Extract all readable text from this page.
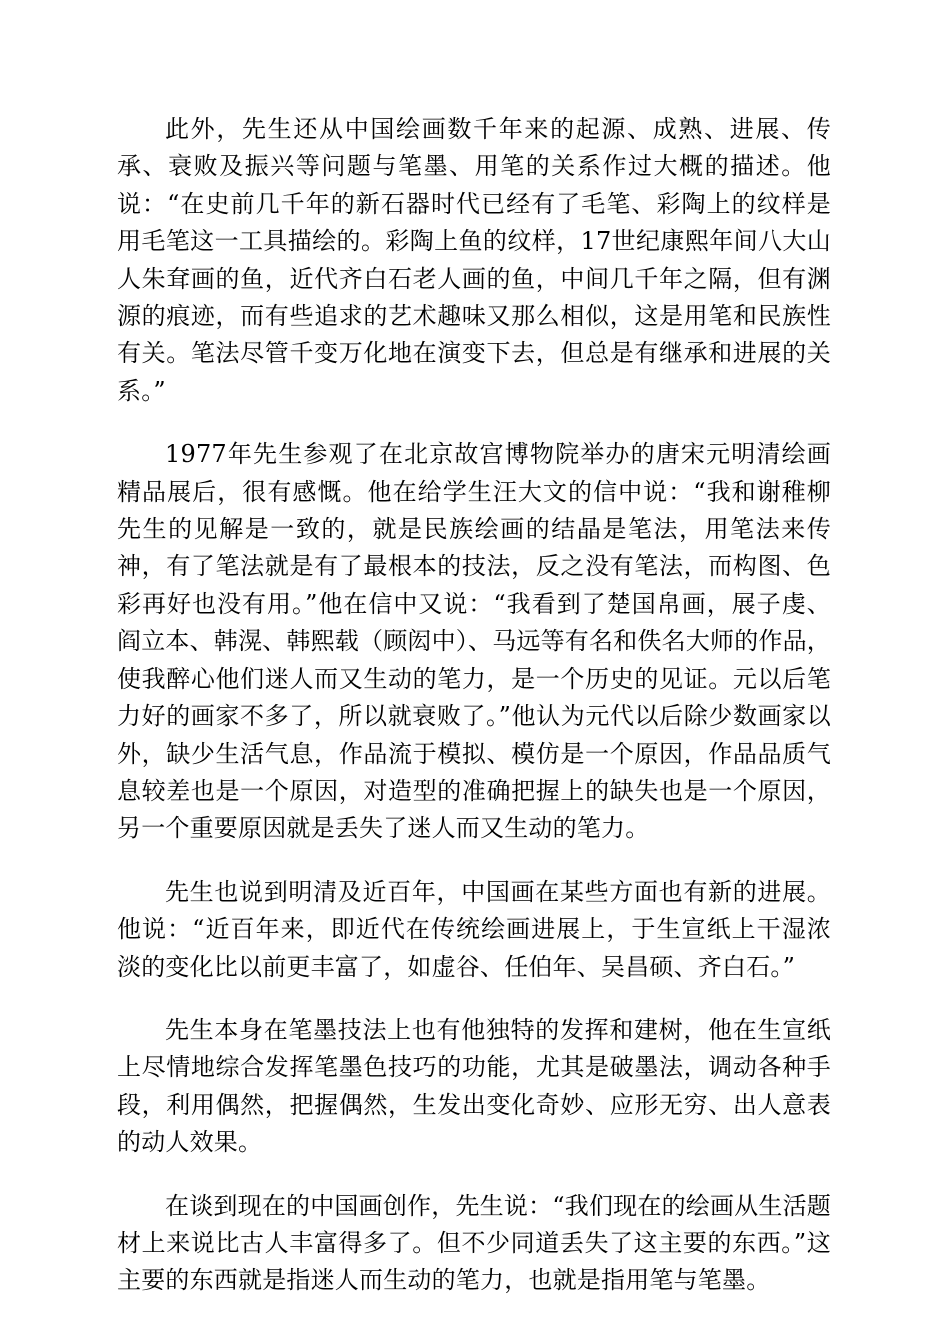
此外，先生还从中国绘画数千年来的起源、成熟、进展、传承、衰败及振兴等问题与笔墨、用笔的关系作过大概的描述。他说：“在史前几千年的新石器时代已经有了毛笔、彩陶上的纹样是用毛笔这一工具描绘的。彩陶上鱼的纹样，17世纪康熙年间八大山人朱耷画的鱼，近代齐白石老人画的鱼，中间几千年之隔，但有渊源的痕迹，而有些追求的艺术趣味又那么相似，这是用笔和民族性有关。笔法尽管千变万化地在演变下去，但总是有继承和进展的关系。”

1977年先生参观了在北京故宫博物院举办的唐宋元明清绘画精品展后，很有感慨。他在给学生汪大文的信中说：“我和谢稚柳先生的见解是一致的，就是民族绘画的结晶是笔法，用笔法来传神，有了笔法就是有了最根本的技法，反之没有笔法，而构图、色彩再好也没有用。”他在信中又说：“我看到了楚国帛画，展子虔、阎立本、韩滉、韩熙载（顾闳中）、马远等有名和佚名大师的作品，使我醉心他们迷人而又生动的笔力，是一个历史的见证。元以后笔力好的画家不多了，所以就衰败了。”他认为元代以后除少数画家以外，缺少生活气息，作品流于模拟、模仿是一个原因，作品品质气息较差也是一个原因，对造型的准确把握上的缺失也是一个原因，另一个重要原因就是丢失了迷人而又生动的笔力。

先生也说到明清及近百年，中国画在某些方面也有新的进展。他说：“近百年来，即近代在传统绘画进展上，于生宣纸上干湿浓淡的变化比以前更丰富了，如虚谷、任伯年、吴昌硕、齐白石。”

先生本身在笔墨技法上也有他独特的发挥和建树，他在生宣纸上尽情地综合发挥笔墨色技巧的功能，尤其是破墨法，调动各种手段，利用偶然，把握偶然，生发出变化奇妙、应形无穷、出人意表的动人效果。

在谈到现在的中国画创作，先生说：“我们现在的绘画从生活题材上来说比古人丰富得多了。但不少同道丢失了这主要的东西。”这主要的东西就是指迷人而生动的笔力，也就是指用笔与笔墨。
